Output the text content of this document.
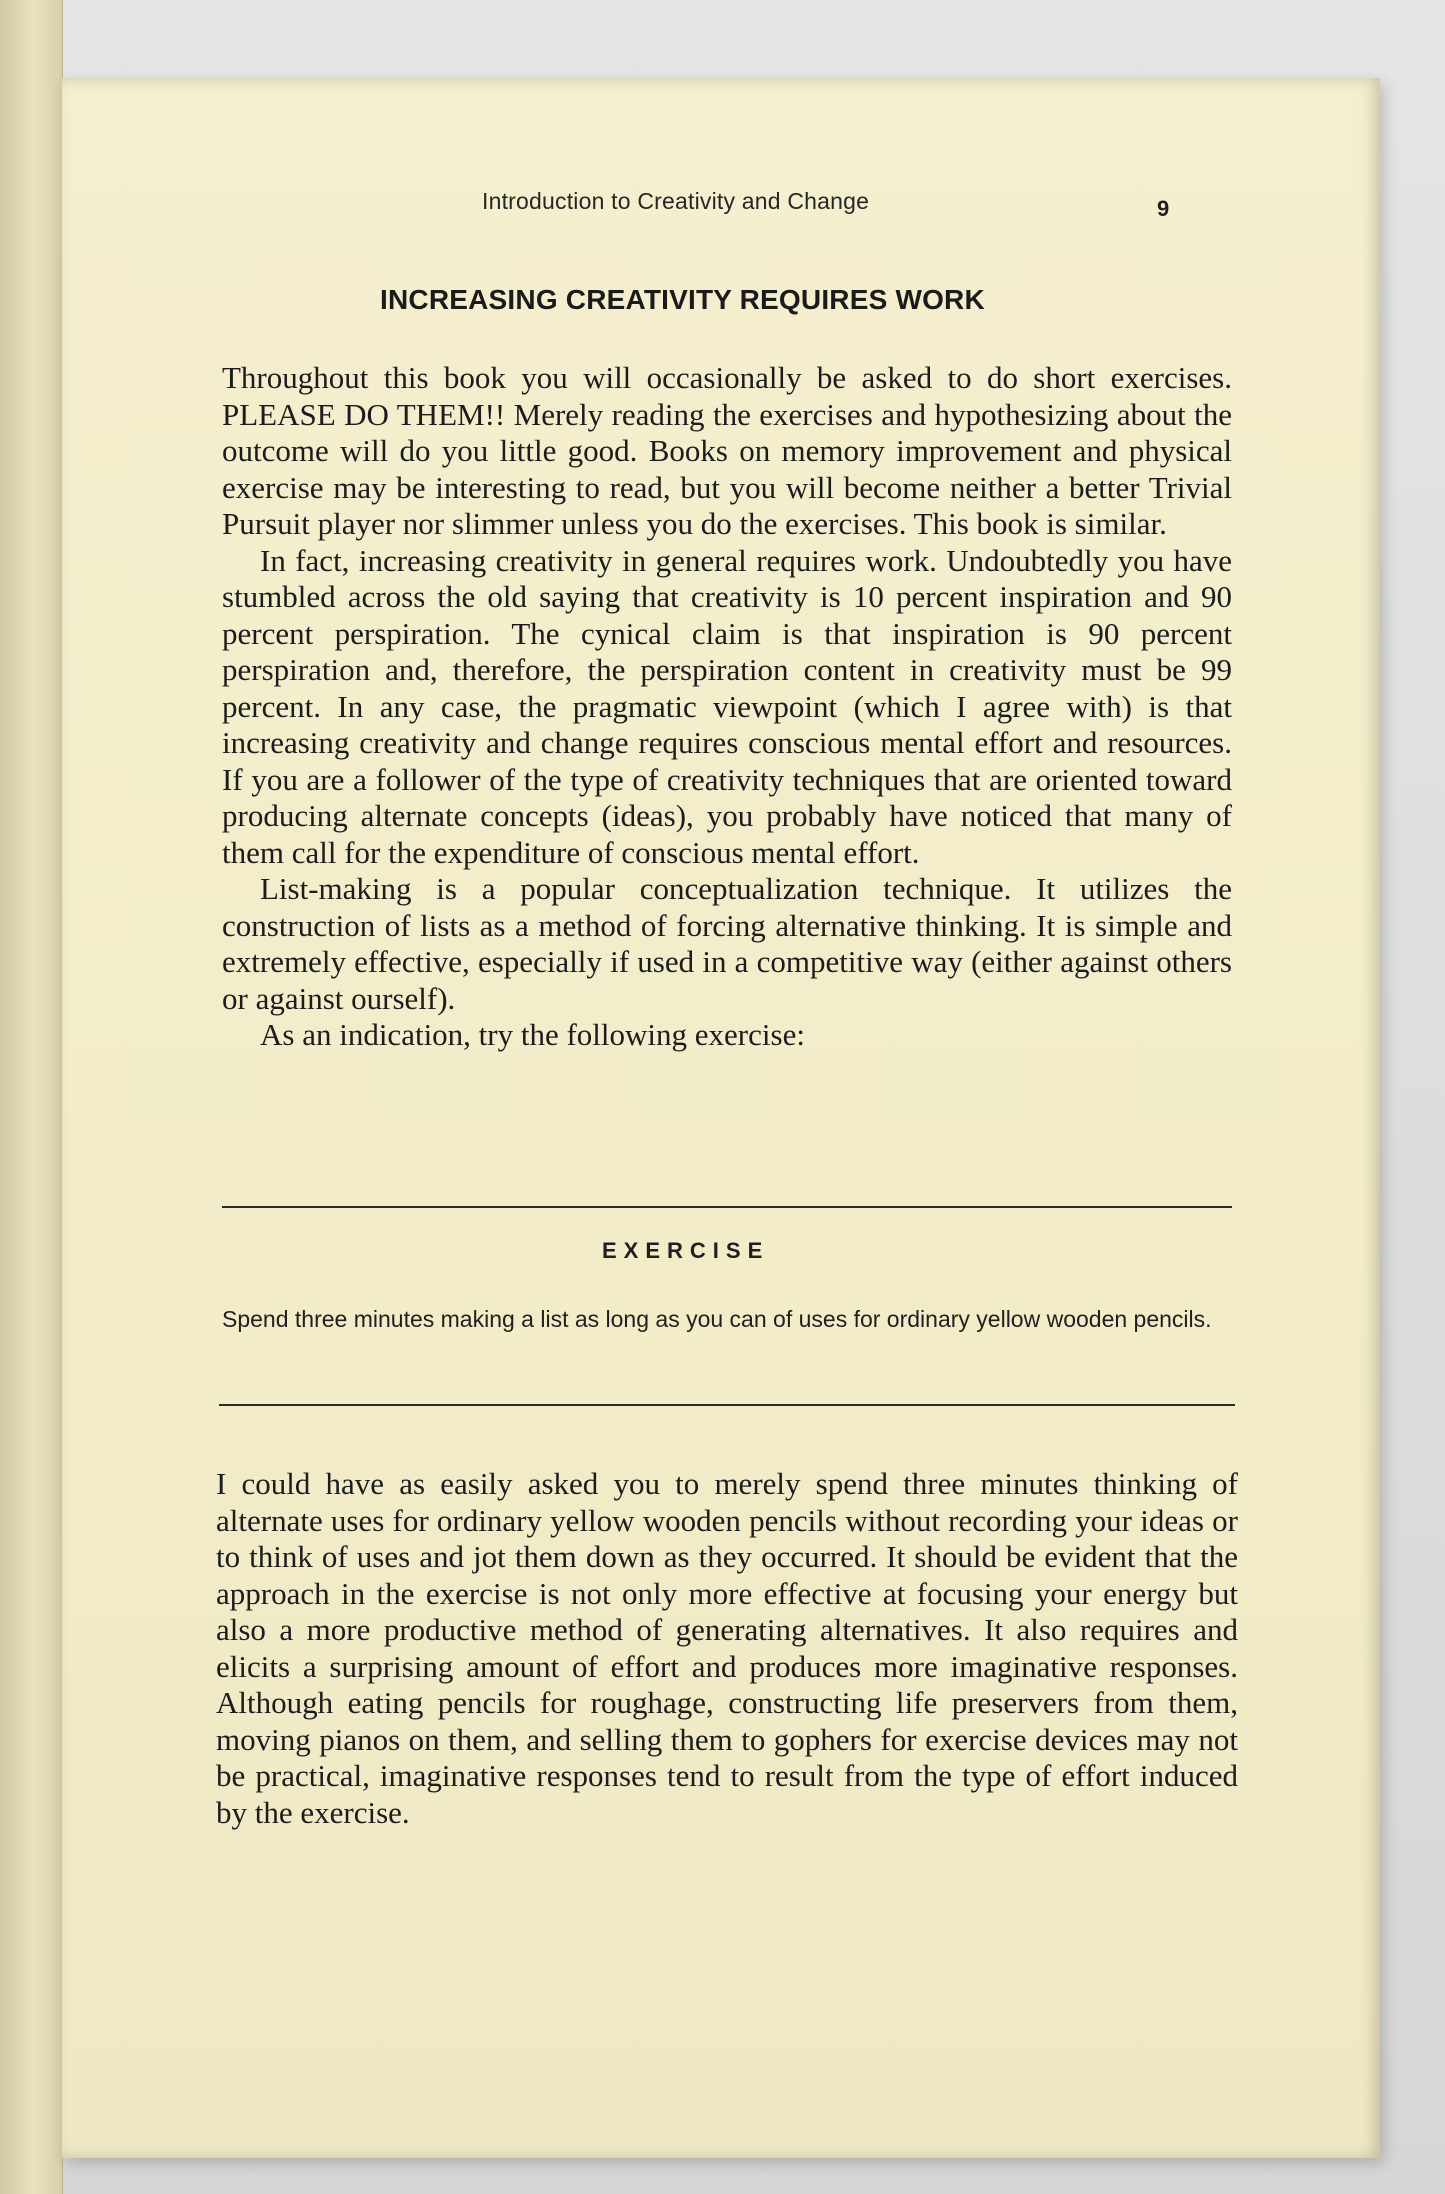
Introduction to Creativity and Change	9
INCREASING CREATIVITY REQUIRES WORK

Throughout this book you will occasionally be asked to do short exercises. PLEASE DO THEM!! Merely reading the exercises and hypothesizing about the outcome will do you little good. Books on memory improvement and physical exercise may be interesting to read, but you will become neither a better Trivial Pursuit player nor slimmer unless you do the exercises. This book is similar.

In fact, increasing creativity in general requires work. Undoubtedly you have stumbled across the old saying that creativity is 10 percent inspiration and 90 percent perspiration. The cynical claim is that inspiration is 90 percent perspiration and, therefore, the perspiration content in creativity must be 99 percent. In any case, the pragmatic viewpoint (which I agree with) is that increasing creativity and change requires conscious mental effort and resources. If you are a follower of the type of creativity techniques that are oriented toward producing alternate concepts (ideas), you probably have noticed that many of them call for the expenditure of conscious mental effort.

List-making is a popular conceptualization technique. It utilizes the construction of lists as a method of forcing alternative thinking. It is simple and extremely effective, especially if used in a competitive way (either against others or against ourself).

As an indication, try the following exercise:

EXERCISE

Spend three minutes making a list as long as you can of uses for ordinary yellow wooden pencils.

I could have as easily asked you to merely spend three minutes thinking of alternate uses for ordinary yellow wooden pencils without recording your ideas or to think of uses and jot them down as they occurred. It should be evident that the approach in the exercise is not only more effective at focusing your energy but also a more productive method of generating alternatives. It also requires and elicits a surprising amount of effort and produces more imaginative responses. Although eating pencils for roughage, constructing life preservers from them, moving pianos on them, and selling them to gophers for exercise devices may not be practical, imaginative responses tend to result from the type of effort induced by the exercise.
